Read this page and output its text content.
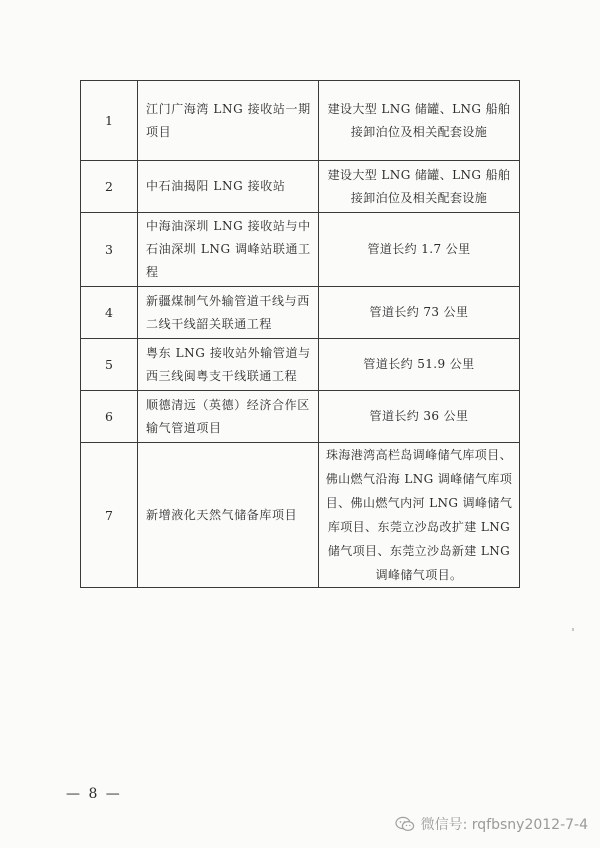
1	江门广海湾 LNG 接收站一期项目	建设大型 LNG 储罐、LNG 船舶接卸泊位及相关配套设施
2	中石油揭阳 LNG 接收站	建设大型 LNG 储罐、LNG 船舶接卸泊位及相关配套设施
3	中海油深圳 LNG 接收站与中石油深圳 LNG 调峰站联通工程	管道长约 1.7 公里
4	新疆煤制气外输管道干线与西二线干线韶关联通工程	管道长约 73 公里
5	粤东 LNG 接收站外输管道与西三线闽粤支干线联通工程	管道长约 51.9 公里
6	顺德清远（英德）经济合作区输气管道项目	管道长约 36 公里
7	新增液化天然气储备库项目	珠海港湾高栏岛调峰储气库项目、佛山燃气沿海 LNG 调峰储气库项目、佛山燃气内河 LNG 调峰储气库项目、东莞立沙岛改扩建 LNG 储气项目、东莞立沙岛新建 LNG 调峰储气项目。
— 8 —
微信号: rqfbsny2012-7-4
